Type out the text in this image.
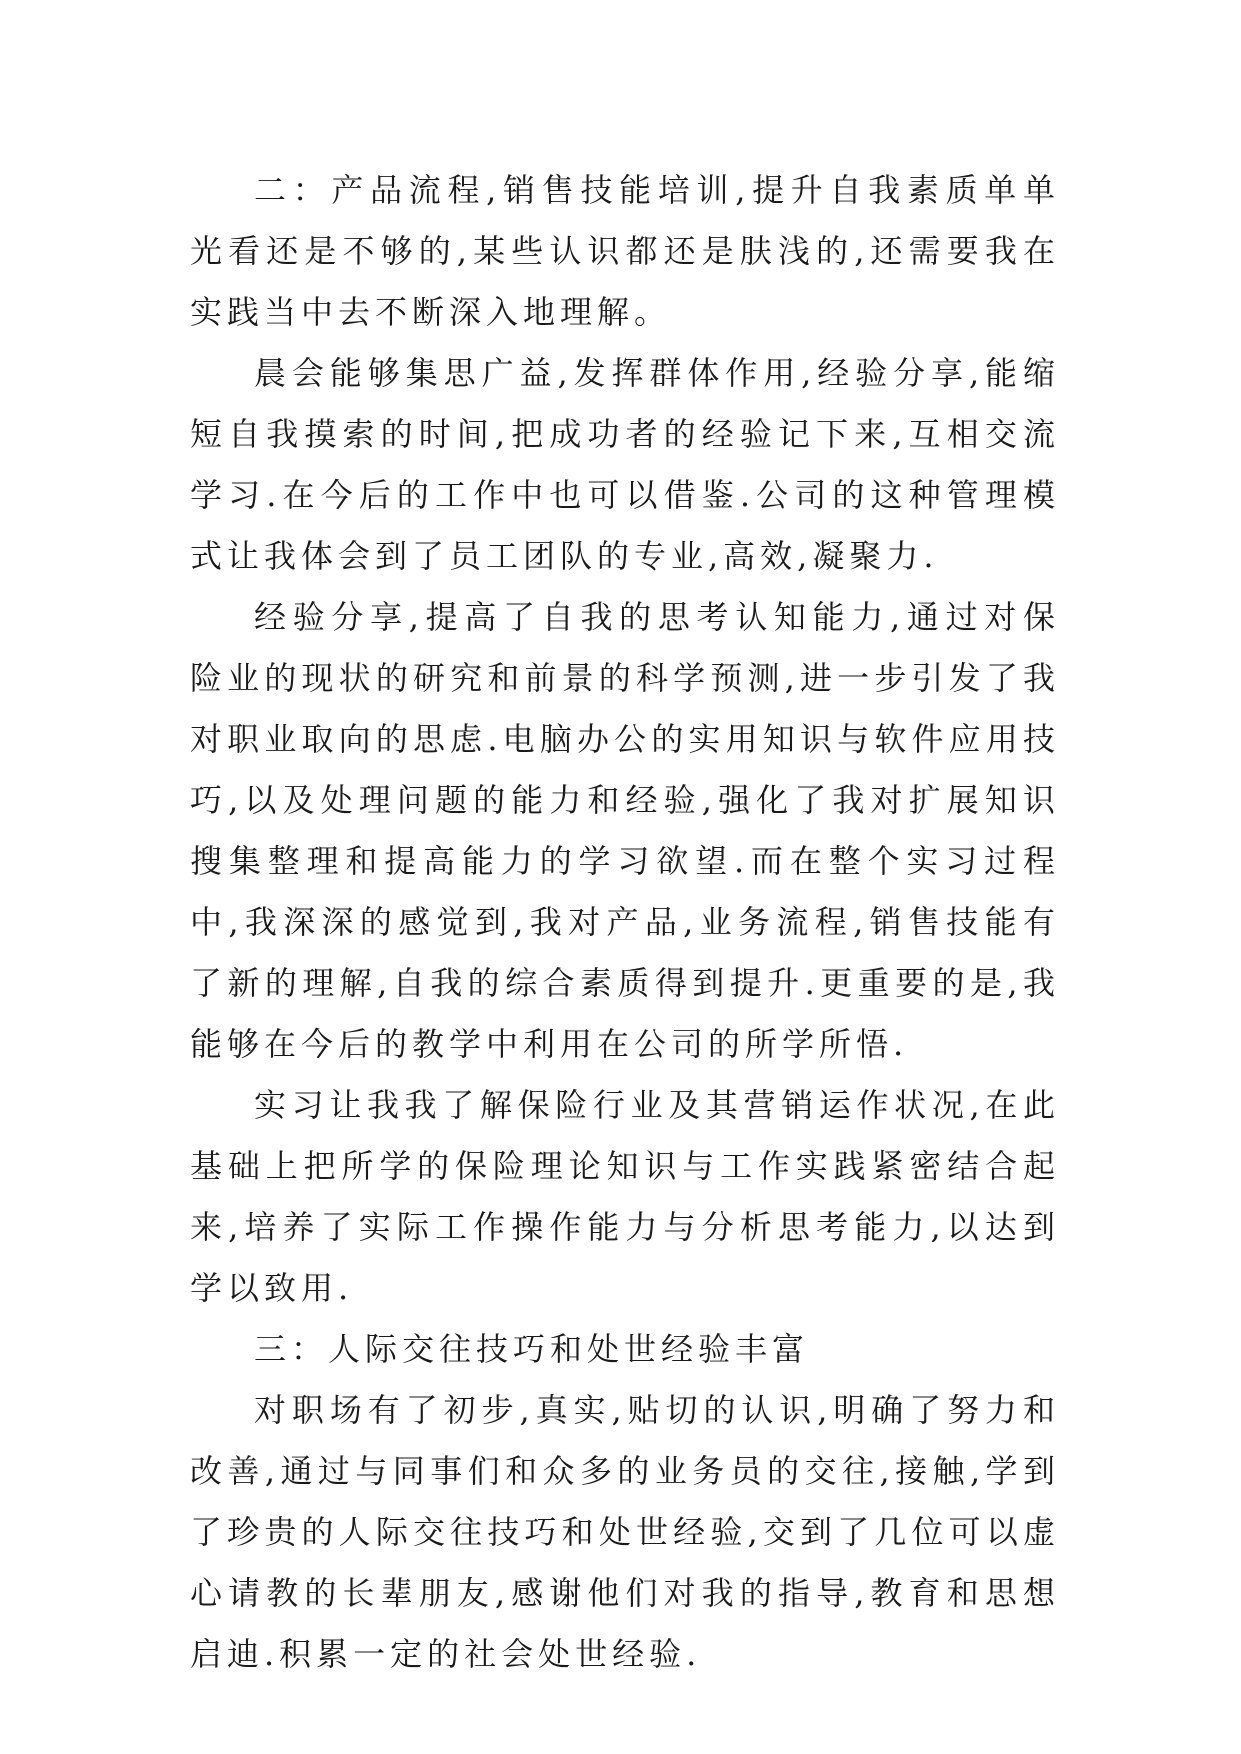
二：产品流程,销售技能培训,提升自我素质单单光看还是不够的,某些认识都还是肤浅的,还需要我在实践当中去不断深入地理解。

晨会能够集思广益,发挥群体作用,经验分享,能缩短自我摸索的时间,把成功者的经验记下来,互相交流学习.在今后的工作中也可以借鉴.公司的这种管理模式让我体会到了员工团队的专业,高效,凝聚力.

经验分享,提高了自我的思考认知能力,通过对保险业的现状的研究和前景的科学预测,进一步引发了我对职业取向的思虑.电脑办公的实用知识与软件应用技巧,以及处理问题的能力和经验,强化了我对扩展知识搜集整理和提高能力的学习欲望.而在整个实习过程中,我深深的感觉到,我对产品,业务流程,销售技能有了新的理解,自我的综合素质得到提升.更重要的是,我能够在今后的教学中利用在公司的所学所悟.

实习让我我了解保险行业及其营销运作状况,在此基础上把所学的保险理论知识与工作实践紧密结合起来,培养了实际工作操作能力与分析思考能力,以达到学以致用.

三：人际交往技巧和处世经验丰富

对职场有了初步,真实,贴切的认识,明确了努力和改善,通过与同事们和众多的业务员的交往,接触,学到了珍贵的人际交往技巧和处世经验,交到了几位可以虚心请教的长辈朋友,感谢他们对我的指导,教育和思想启迪.积累一定的社会处世经验.
